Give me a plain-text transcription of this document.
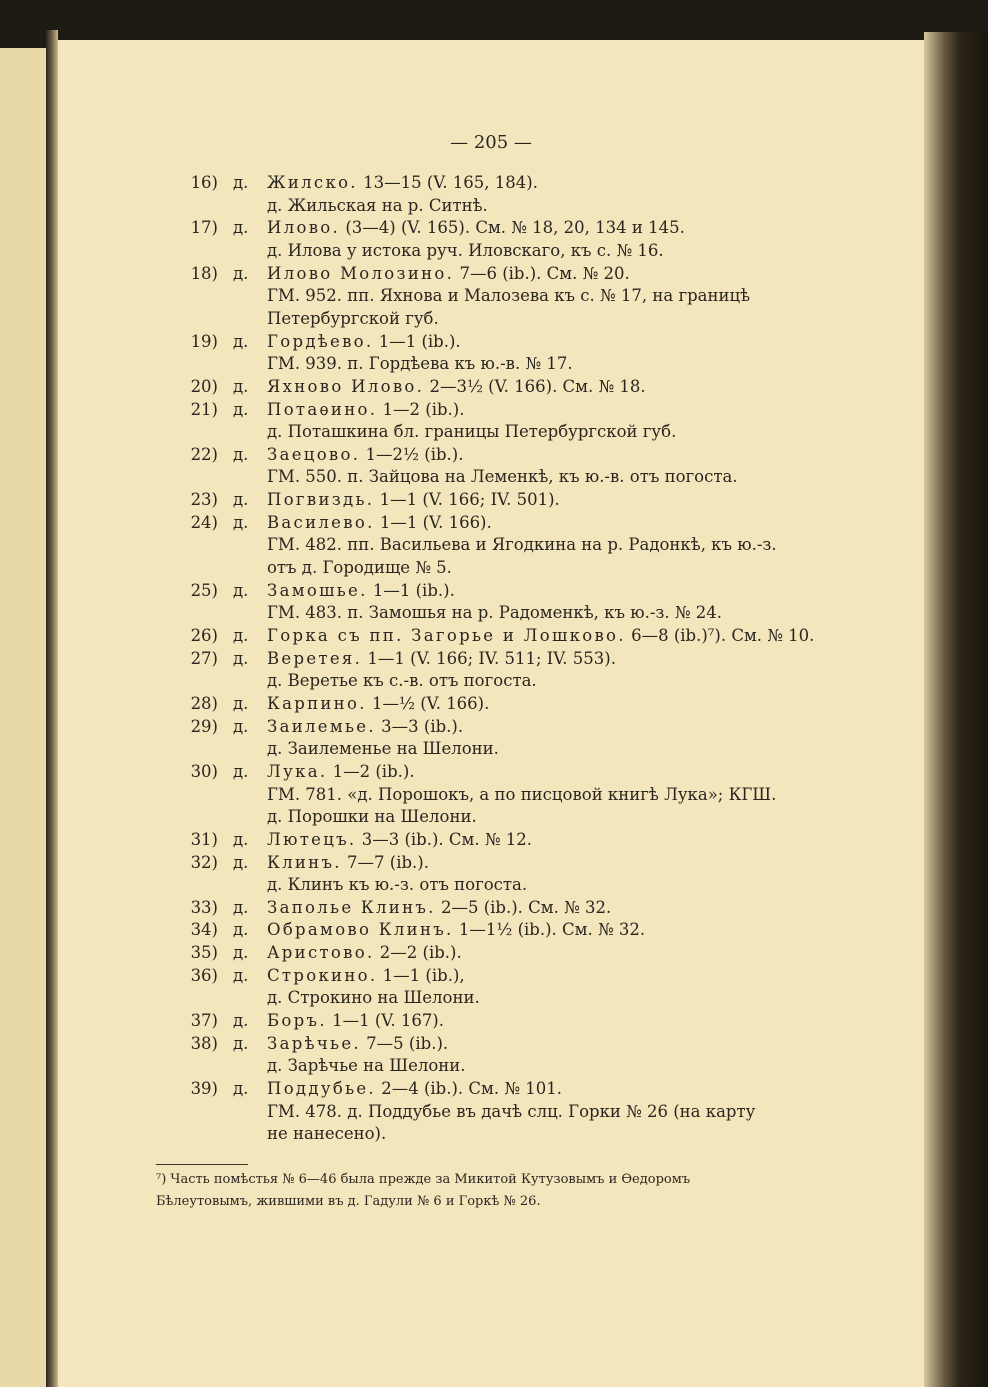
— 205 —
16) д. Жилско. 13—15 (V. 165, 184).
д. Жильская на р. Ситнѣ.
17) д. Илово. (3—4) (V. 165). См. № 18, 20, 134 и 145.
д. Илова у истока руч. Иловскаго, къ с. № 16.
18) д. Илово Молозино. 7—6 (ib.). См. № 20.
ГМ. 952. пп. Яхнова и Малозева къ с. № 17, на границѣ
Петербургской губ.
19) д. Гордѣево. 1—1 (ib.).
ГМ. 939. п. Гордѣева къ ю.-в. № 17.
20) д. Яхново Илово. 2—3½ (V. 166). См. № 18.
21) д. Потаѳино. 1—2 (ib.).
д. Поташкина бл. границы Петербургской губ.
22) д. Заецово. 1—2½ (ib.).
ГМ. 550. п. Зайцова на Леменкѣ, къ ю.-в. отъ погоста.
23) д. Погвиздь. 1—1 (V. 166; IV. 501).
24) д. Василево. 1—1 (V. 166).
ГМ. 482. пп. Васильева и Ягодкина на р. Радонкѣ, къ ю.-з.
отъ д. Городище № 5.
25) д. Замошье. 1—1 (ib.).
ГМ. 483. п. Замошья на р. Радоменкѣ, къ ю.-з. № 24.
26) д. Горка съ пп. Загорье и Лошково. 6—8 (ib.)⁷). См. № 10.
27) д. Веретея. 1—1 (V. 166; IV. 511; IV. 553).
д. Веретье къ с.-в. отъ погоста.
28) д. Карпино. 1—½ (V. 166).
29) д. Заилемье. 3—3 (ib.).
д. Заилеменье на Шелони.
30) д. Лука. 1—2 (ib.).
ГМ. 781. «д. Порошокъ, а по писцовой книгѣ Лука»; КГШ.
д. Порошки на Шелони.
31) д. Лютецъ. 3—3 (ib.). См. № 12.
32) д. Клинъ. 7—7 (ib.).
д. Клинъ къ ю.-з. отъ погоста.
33) д. Заполье Клинъ. 2—5 (ib.). См. № 32.
34) д. Обрамово Клинъ. 1—1½ (ib.). См. № 32.
35) д. Аристово. 2—2 (ib.).
36) д. Строкино. 1—1 (ib.),
д. Строкино на Шелони.
37) д. Боръ. 1—1 (V. 167).
38) д. Зарѣчье. 7—5 (ib.).
д. Зарѣчье на Шелони.
39) д. Поддубье. 2—4 (ib.). См. № 101.
ГМ. 478. д. Поддубье въ дачѣ слц. Горки № 26 (на карту
не нанесено).
⁷) Часть помѣстья № 6—46 была прежде за Микитой Кутузовымъ и Ѳедоромъ
Бѣлеутовымъ, жившими въ д. Гадули № 6 и Горкѣ № 26.
